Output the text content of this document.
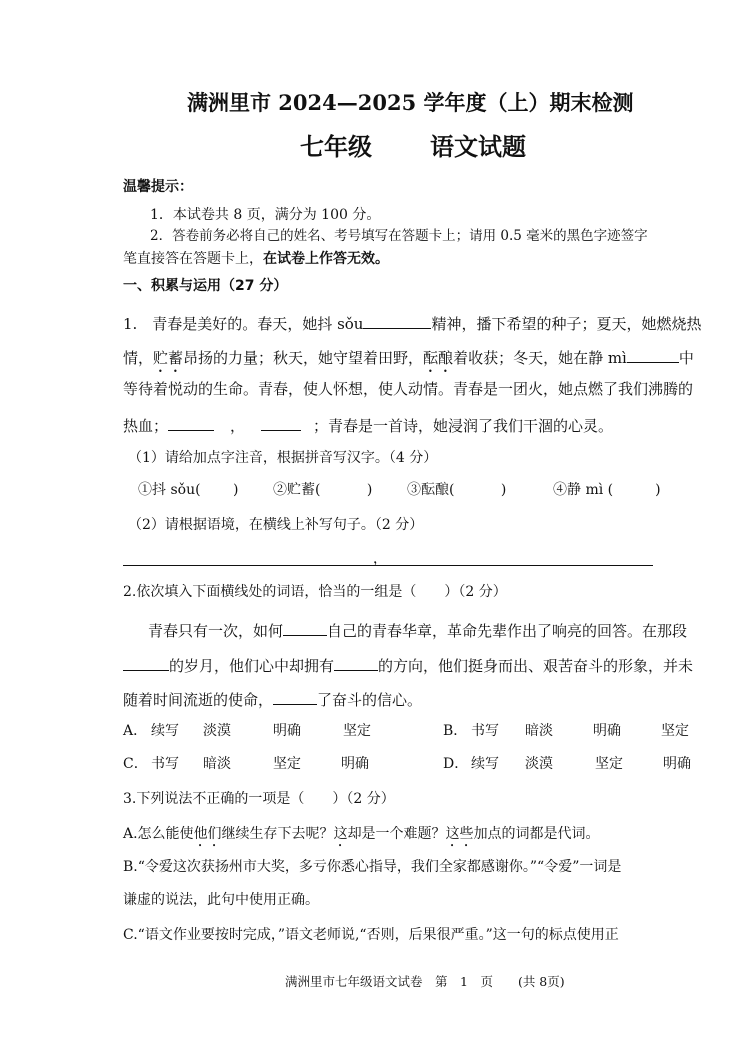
满洲里市 2024—2025 学年度（上）期末检测
七年级 语文试题
温馨提示：
1．本试卷共 8 页，满分为 100 分。
2．答卷前务必将自己的姓名、考号填写在答题卡上；请用 0.5 毫米的黑色字迹签字
笔直接答在答题卡上，在试卷上作答无效。
一、积累与运用（27 分）
1.　青春是美好的。春天，她抖 sǒu	精神，播下希望的种子；夏天，她燃烧热
情，贮蓄昂扬的力量；秋天，她守望着田野，酝酿着收获；冬天，她在静 mì	中
等待着悦动的生命。青春，使人怀想，使人动情。青春是一团火，她点燃了我们沸腾的
热血；	，	；青春是一首诗，她浸润了我们干涸的心灵。
（1）请给加点字注音，根据拼音写汉字。（4 分）
①抖 sǒu(　　 ) ②贮蓄(　　　 ) ③酝酿(　　　 )	④静 mì (　　　)
（2）请根据语境，在横线上补写句子。（2 分）
，
2.依次填入下面横线处的词语，恰当的一组是（　　）（2 分）
青春只有一次，如何	自己的青春华章，革命先辈作出了响亮的回答。在那段
的岁月，他们心中却拥有	的方向，他们挺身而出、艰苦奋斗的形象，并未
随着时间流逝的使命，	了奋斗的信心。
A． 续写 淡漠	明确	坚定	B． 书写 暗淡	明确	坚定
C． 书写 暗淡	坚定	明确	D． 续写 淡漠	坚定	明确
3.下列说法不正确的一项是（　　）（2 分）
A.怎么能使他们继续生存下去呢？这却是一个难题？这些加点的词都是代词。
B.“令爱这次获扬州市大奖，多亏你悉心指导，我们全家都感谢你。”“令爱”一词是
谦虚的说法，此句中使用正确。
C.“语文作业要按时完成，”语文老师说,“否则，后果很严重。”这一句的标点使用正
满洲里市七年级语文试卷　第　1　页　　(共 8页)
